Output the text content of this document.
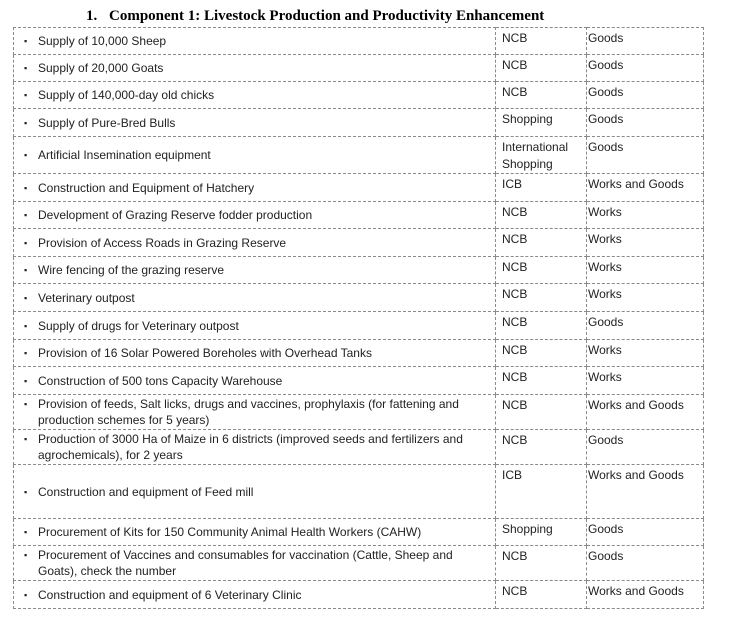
1. Component 1: Livestock Production and Productivity Enhancement
▪ Supply of 10,000 Sheep	NCB	Goods

▪ Supply of 20,000 Goats	NCB	Goods

▪ Supply of 140,000-day old chicks	NCB	Goods

▪ Supply of Pure-Bred Bulls	Shopping	Goods

▪ Artificial Insemination equipment	International Shopping	Goods

▪ Construction and Equipment of Hatchery	ICB	Works and Goods

▪ Development of Grazing Reserve fodder production	NCB	Works

▪ Provision of Access Roads in Grazing Reserve	NCB	Works

▪ Wire fencing of the grazing reserve	NCB	Works

▪ Veterinary outpost	NCB	Works

▪ Supply of drugs for Veterinary outpost	NCB	Goods

▪ Provision of 16 Solar Powered Boreholes with Overhead Tanks	NCB	Works

▪ Construction of 500 tons Capacity Warehouse	NCB	Works

▪ Provision of feeds, Salt licks, drugs and vaccines, prophylaxis (for fattening and production schemes for 5 years)	NCB	Works and Goods

▪ Production of 3000 Ha of Maize in 6 districts (improved seeds and fertilizers and agrochemicals), for 2 years	NCB	Goods

▪ Construction and equipment of Feed mill	ICB	Works and Goods

▪ Procurement of Kits for 150 Community Animal Health Workers (CAHW)	Shopping	Goods

▪ Procurement of Vaccines and consumables for vaccination (Cattle, Sheep and Goats), check the number	NCB	Goods

▪ Construction and equipment of 6 Veterinary Clinic	NCB	Works and Goods
